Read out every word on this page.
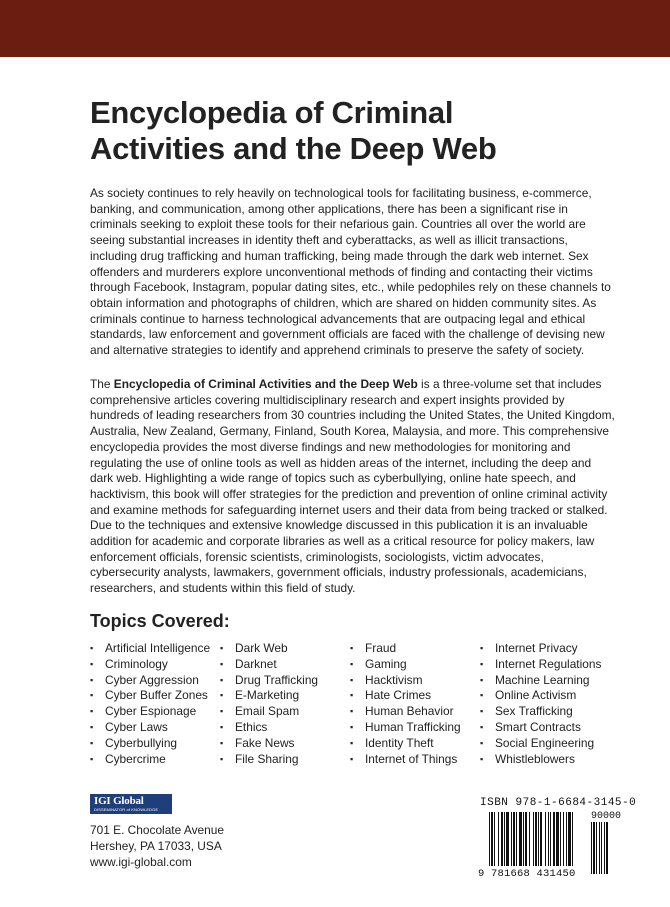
Encyclopedia of Criminal
Activities and the Deep Web

As society continues to rely heavily on technological tools for facilitating business, e-commerce, banking, and communication, among other applications, there has been a significant rise in criminals seeking to exploit these tools for their nefarious gain. Countries all over the world are seeing substantial increases in identity theft and cyberattacks, as well as illicit transactions, including drug trafficking and human trafficking, being made through the dark web internet. Sex offenders and murderers explore unconventional methods of finding and contacting their victims through Facebook, Instagram, popular dating sites, etc., while pedophiles rely on these channels to obtain information and photographs of children, which are shared on hidden community sites. As criminals continue to harness technological advancements that are outpacing legal and ethical standards, law enforcement and government officials are faced with the challenge of devising new and alternative strategies to identify and apprehend criminals to preserve the safety of society.

The Encyclopedia of Criminal Activities and the Deep Web is a three-volume set that includes comprehensive articles covering multidisciplinary research and expert insights provided by hundreds of leading researchers from 30 countries including the United States, the United Kingdom, Australia, New Zealand, Germany, Finland, South Korea, Malaysia, and more. This comprehensive encyclopedia provides the most diverse findings and new methodologies for monitoring and regulating the use of online tools as well as hidden areas of the internet, including the deep and dark web. Highlighting a wide range of topics such as cyberbullying, online hate speech, and hacktivism, this book will offer strategies for the prediction and prevention of online criminal activity and examine methods for safeguarding internet users and their data from being tracked or stalked. Due to the techniques and extensive knowledge discussed in this publication it is an invaluable addition for academic and corporate libraries as well as a critical resource for policy makers, law enforcement officials, forensic scientists, criminologists, sociologists, victim advocates, cybersecurity analysts, lawmakers, government officials, industry professionals, academicians, researchers, and students within this field of study.

Topics Covered:
▪ Artificial Intelligence
▪ Criminology
▪ Cyber Aggression
▪ Cyber Buffer Zones
▪ Cyber Espionage
▪ Cyber Laws
▪ Cyberbullying
▪ Cybercrime
▪ Dark Web
▪ Darknet
▪ Drug Trafficking
▪ E-Marketing
▪ Email Spam
▪ Ethics
▪ Fake News
▪ File Sharing
▪ Fraud
▪ Gaming
▪ Hacktivism
▪ Hate Crimes
▪ Human Behavior
▪ Human Trafficking
▪ Identity Theft
▪ Internet of Things
▪ Internet Privacy
▪ Internet Regulations
▪ Machine Learning
▪ Online Activism
▪ Sex Trafficking
▪ Smart Contracts
▪ Social Engineering
▪ Whistleblowers
IGI Global
DISSEMINATOR of KNOWLEDGE
701 E. Chocolate Avenue
Hershey, PA 17033, USA
www.igi-global.com
ISBN 978-1-6684-3145-0
90000
9 781668 431450
